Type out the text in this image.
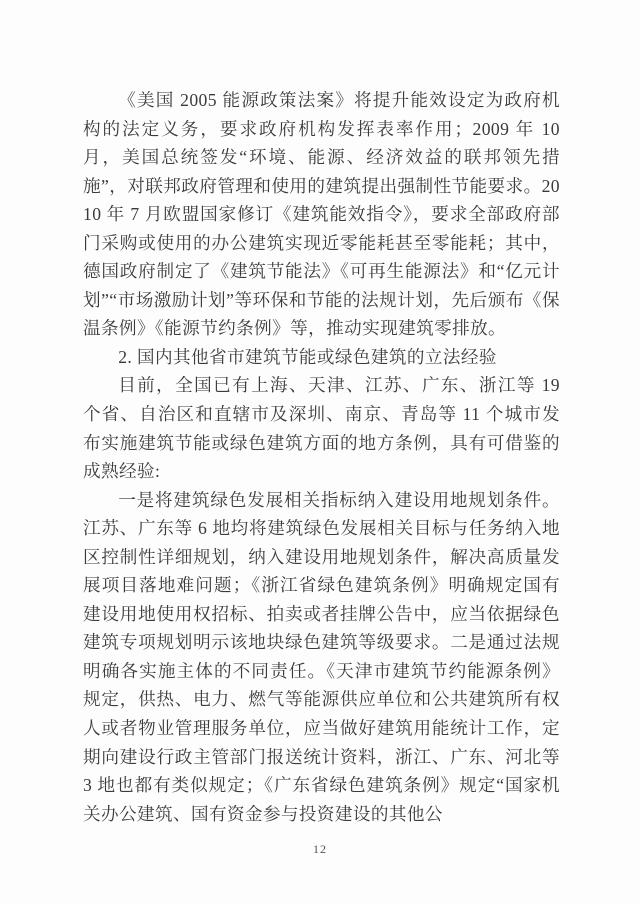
《美国 2005 能源政策法案》将提升能效设定为政府机构的法定义务，要求政府机构发挥表率作用；2009 年 10 月，美国总统签发“环境、能源、经济效益的联邦领先措施”，对联邦政府管理和使用的建筑提出强制性节能要求。2010 年 7 月欧盟国家修订《建筑能效指令》，要求全部政府部门采购或使用的办公建筑实现近零能耗甚至零能耗；其中，德国政府制定了《建筑节能法》《可再生能源法》和“亿元计划”“市场激励计划”等环保和节能的法规计划，先后颁布《保温条例》《能源节约条例》等，推动实现建筑零排放。

2. 国内其他省市建筑节能或绿色建筑的立法经验

目前，全国已有上海、天津、江苏、广东、浙江等 19 个省、自治区和直辖市及深圳、南京、青岛等 11 个城市发布实施建筑节能或绿色建筑方面的地方条例，具有可借鉴的成熟经验:

一是将建筑绿色发展相关指标纳入建设用地规划条件。江苏、广东等 6 地均将建筑绿色发展相关目标与任务纳入地区控制性详细规划，纳入建设用地规划条件，解决高质量发展项目落地难问题；《浙江省绿色建筑条例》明确规定国有建设用地使用权招标、拍卖或者挂牌公告中，应当依据绿色建筑专项规划明示该地块绿色建筑等级要求。二是通过法规明确各实施主体的不同责任。《天津市建筑节约能源条例》规定，供热、电力、燃气等能源供应单位和公共建筑所有权人或者物业管理服务单位，应当做好建筑用能统计工作，定期向建设行政主管部门报送统计资料，浙江、广东、河北等 3 地也都有类似规定；《广东省绿色建筑条例》规定“国家机关办公建筑、国有资金参与投资建设的其他公

12
